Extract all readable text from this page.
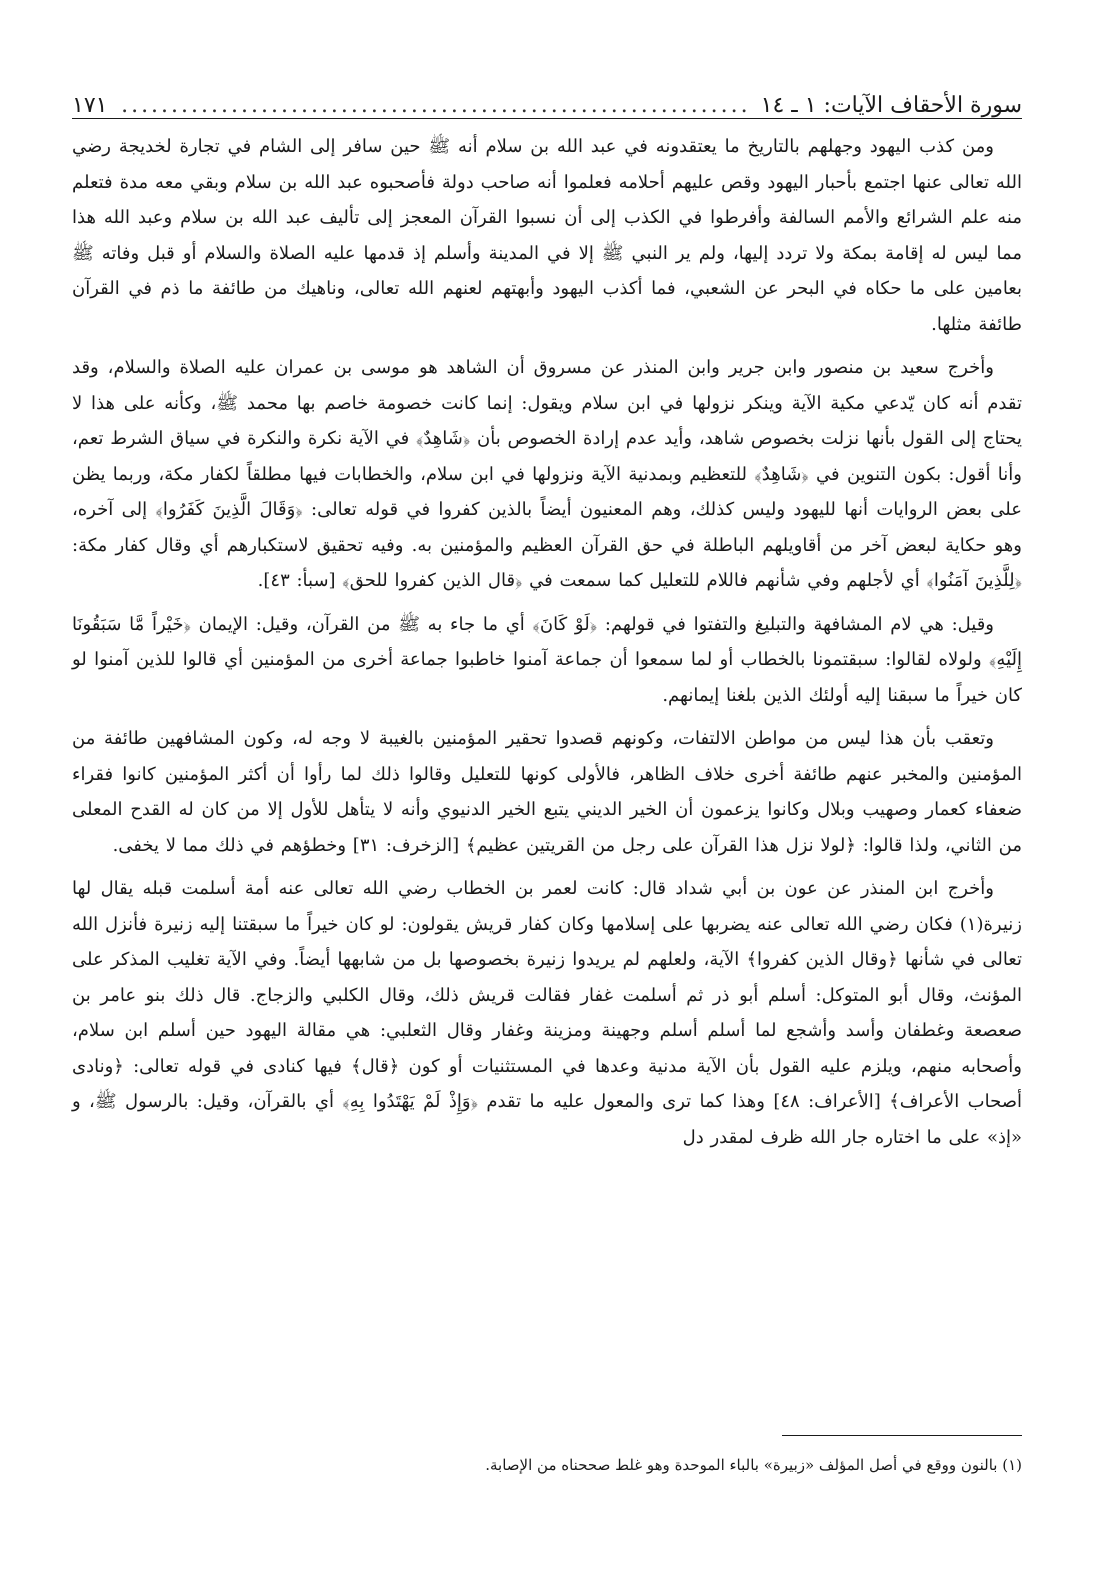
سورة الأحقاف الآيات: ١ ـ ١٤
...............................................................
١٧١

ومن كذب اليهود وجهلهم بالتاريخ ما يعتقدونه في عبد الله بن سلام أنه ﷺ حين سافر إلى الشام في تجارة لخديجة رضي الله تعالى عنها اجتمع بأحبار اليهود وقص عليهم أحلامه فعلموا أنه صاحب دولة فأصحبوه عبد الله بن سلام وبقي معه مدة فتعلم منه علم الشرائع والأمم السالفة وأفرطوا في الكذب إلى أن نسبوا القرآن المعجز إلى تأليف عبد الله بن سلام وعبد الله هذا مما ليس له إقامة بمكة ولا تردد إليها، ولم ير النبي ﷺ إلا في المدينة وأسلم إذ قدمها عليه الصلاة والسلام أو قبل وفاته ﷺ بعامين على ما حكاه في البحر عن الشعبي، فما أكذب اليهود وأبهتهم لعنهم الله تعالى، وناهيك من طائفة ما ذم في القرآن طائفة مثلها.

وأخرج سعيد بن منصور وابن جرير وابن المنذر عن مسروق أن الشاهد هو موسى بن عمران عليه الصلاة والسلام، وقد تقدم أنه كان يّدعي مكية الآية وينكر نزولها في ابن سلام ويقول: إنما كانت خصومة خاصم بها محمد ﷺ، وكأنه على هذا لا يحتاج إلى القول بأنها نزلت بخصوص شاهد، وأيد عدم إرادة الخصوص بأن ﴿شَاهِدٌ﴾ في الآية نكرة والنكرة في سياق الشرط تعم، وأنا أقول: بكون التنوين في ﴿شَاهِدٌ﴾ للتعظيم وبمدنية الآية ونزولها في ابن سلام، والخطابات فيها مطلقاً لكفار مكة، وربما يظن على بعض الروايات أنها لليهود وليس كذلك، وهم المعنيون أيضاً بالذين كفروا في قوله تعالى: ﴿وَقَالَ الَّذِينَ كَفَرُوا﴾ إلى آخره، وهو حكاية لبعض آخر من أقاويلهم الباطلة في حق القرآن العظيم والمؤمنين به. وفيه تحقيق لاستكبارهم أي وقال كفار مكة: ﴿لِلَّذِينَ آمَنُوا﴾ أي لأجلهم وفي شأنهم فاللام للتعليل كما سمعت في ﴿قال الذين كفروا للحق﴾ [سبأ: ٤٣].

وقيل: هي لام المشافهة والتبليغ والتفتوا في قولهم: ﴿لَوْ كَانَ﴾ أي ما جاء به ﷺ من القرآن، وقيل: الإيمان ﴿خَيْراً مَّا سَبَقُونَا إِلَيْهِ﴾ ولولاه لقالوا: سبقتمونا بالخطاب أو لما سمعوا أن جماعة آمنوا خاطبوا جماعة أخرى من المؤمنين أي قالوا للذين آمنوا لو كان خيراً ما سبقنا إليه أولئك الذين بلغنا إيمانهم.

وتعقب بأن هذا ليس من مواطن الالتفات، وكونهم قصدوا تحقير المؤمنين بالغيبة لا وجه له، وكون المشافهين طائفة من المؤمنين والمخبر عنهم طائفة أخرى خلاف الظاهر، فالأولى كونها للتعليل وقالوا ذلك لما رأوا أن أكثر المؤمنين كانوا فقراء ضعفاء كعمار وصهيب وبلال وكانوا يزعمون أن الخير الديني يتبع الخير الدنيوي وأنه لا يتأهل للأول إلا من كان له القدح المعلى من الثاني، ولذا قالوا: ﴿لولا نزل هذا القرآن على رجل من القريتين عظيم﴾ [الزخرف: ٣١] وخطؤهم في ذلك مما لا يخفى.

وأخرج ابن المنذر عن عون بن أبي شداد قال: كانت لعمر بن الخطاب رضي الله تعالى عنه أمة أسلمت قبله يقال لها زنيرة(١) فكان رضي الله تعالى عنه يضربها على إسلامها وكان كفار قريش يقولون: لو كان خيراً ما سبقتنا إليه زنيرة فأنزل الله تعالى في شأنها ﴿وقال الذين كفروا﴾ الآية، ولعلهم لم يريدوا زنيرة بخصوصها بل من شابهها أيضاً. وفي الآية تغليب المذكر على المؤنث، وقال أبو المتوكل: أسلم أبو ذر ثم أسلمت غفار فقالت قريش ذلك، وقال الكلبي والزجاج. قال ذلك بنو عامر بن صعصعة وغطفان وأسد وأشجع لما أسلم أسلم وجهينة ومزينة وغفار وقال الثعلبي: هي مقالة اليهود حين أسلم ابن سلام، وأصحابه منهم، ويلزم عليه القول بأن الآية مدنية وعدها في المستثنيات أو كون ﴿قال﴾ فيها كنادى في قوله تعالى: ﴿ونادى أصحاب الأعراف﴾ [الأعراف: ٤٨] وهذا كما ترى والمعول عليه ما تقدم ﴿وَإِذْ لَمْ يَهْتَدُوا بِهِ﴾ أي بالقرآن، وقيل: بالرسول ﷺ، و «إذ» على ما اختاره جار الله ظرف لمقدر دل

(١) بالنون ووقع في أصل المؤلف «زبيرة» بالباء الموحدة وهو غلط صححناه من الإصابة.
